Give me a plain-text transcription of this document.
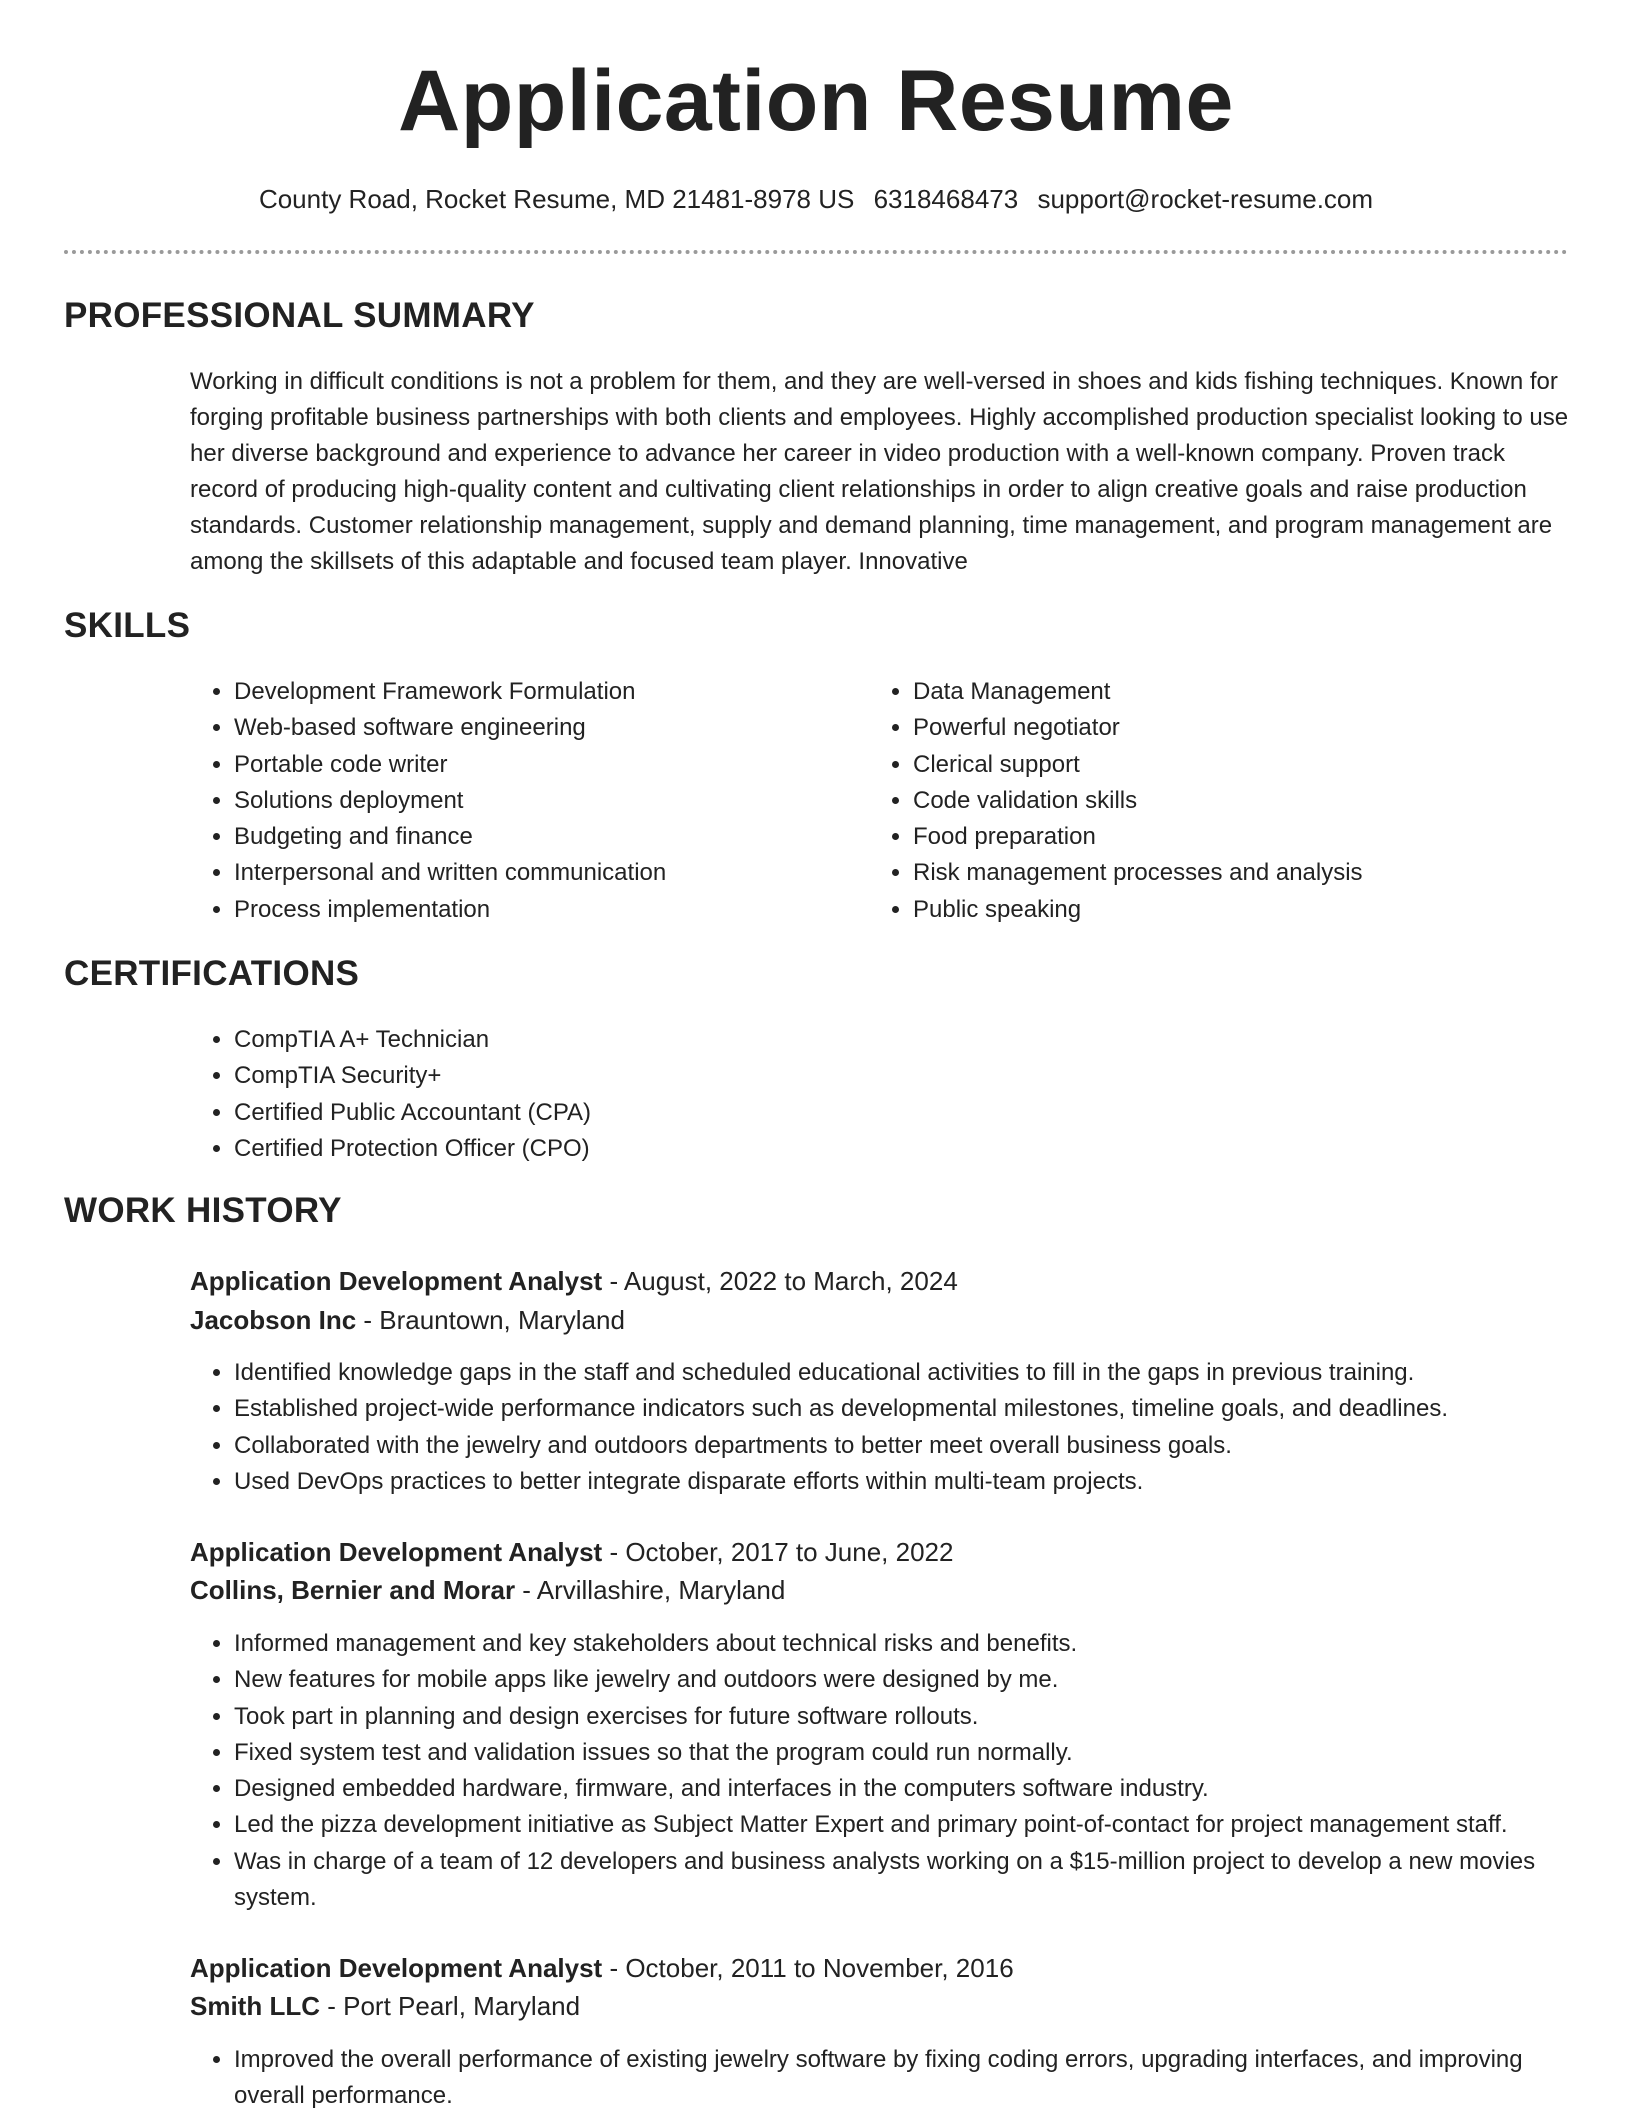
Application Resume
County Road, Rocket Resume, MD 21481-8978 US 6318468473 support@rocket-resume.com
PROFESSIONAL SUMMARY
Working in difficult conditions is not a problem for them, and they are well-versed in shoes and kids fishing techniques. Known for forging profitable business partnerships with both clients and employees. Highly accomplished production specialist looking to use her diverse background and experience to advance her career in video production with a well-known company. Proven track record of producing high-quality content and cultivating client relationships in order to align creative goals and raise production standards. Customer relationship management, supply and demand planning, time management, and program management are among the skillsets of this adaptable and focused team player. Innovative
SKILLS
• Development Framework Formulation
• Web-based software engineering
• Portable code writer
• Solutions deployment
• Budgeting and finance
• Interpersonal and written communication
• Process implementation
• Data Management
• Powerful negotiator
• Clerical support
• Code validation skills
• Food preparation
• Risk management processes and analysis
• Public speaking
CERTIFICATIONS
• CompTIA A+ Technician
• CompTIA Security+
• Certified Public Accountant (CPA)
• Certified Protection Officer (CPO)
WORK HISTORY
Application Development Analyst - August, 2022 to March, 2024
Jacobson Inc - Brauntown, Maryland
• Identified knowledge gaps in the staff and scheduled educational activities to fill in the gaps in previous training.
• Established project-wide performance indicators such as developmental milestones, timeline goals, and deadlines.
• Collaborated with the jewelry and outdoors departments to better meet overall business goals.
• Used DevOps practices to better integrate disparate efforts within multi-team projects.
Application Development Analyst - October, 2017 to June, 2022
Collins, Bernier and Morar - Arvillashire, Maryland
• Informed management and key stakeholders about technical risks and benefits.
• New features for mobile apps like jewelry and outdoors were designed by me.
• Took part in planning and design exercises for future software rollouts.
• Fixed system test and validation issues so that the program could run normally.
• Designed embedded hardware, firmware, and interfaces in the computers software industry.
• Led the pizza development initiative as Subject Matter Expert and primary point-of-contact for project management staff.
• Was in charge of a team of 12 developers and business analysts working on a $15-million project to develop a new movies system.
Application Development Analyst - October, 2011 to November, 2016
Smith LLC - Port Pearl, Maryland
• Improved the overall performance of existing jewelry software by fixing coding errors, upgrading interfaces, and improving overall performance.
